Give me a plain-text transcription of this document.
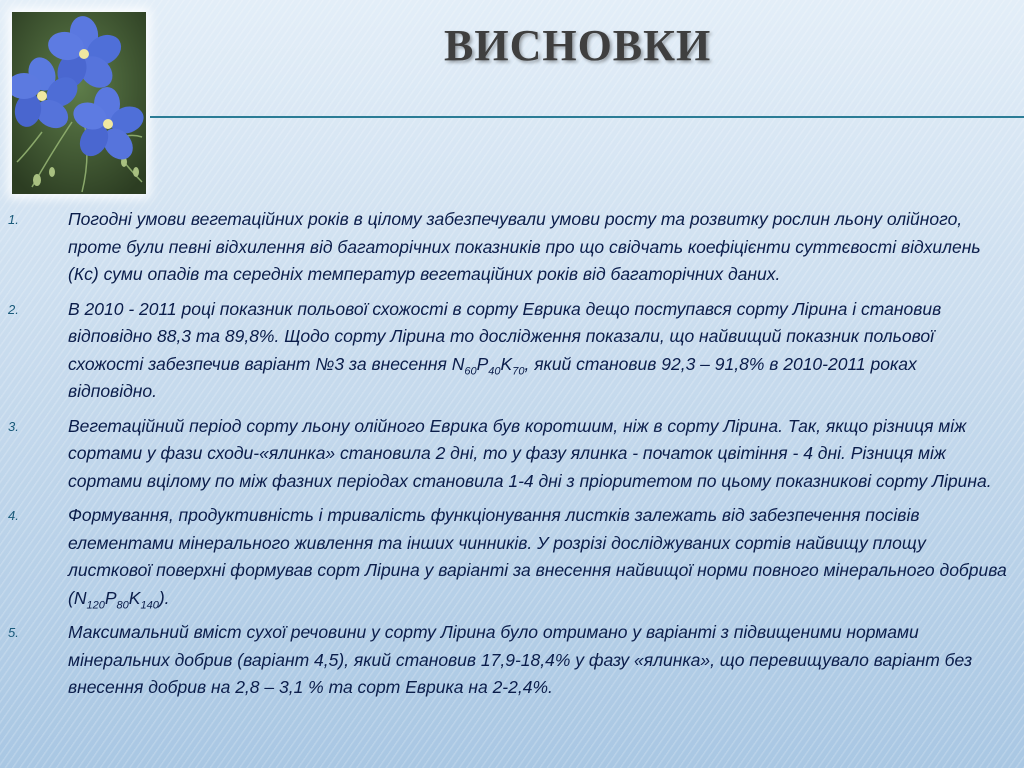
ВИСНОВКИ
1.	Погодні умови вегетаційних років в цілому забезпечували умови росту та розвитку рослин льону олійного, проте були певні відхилення від багаторічних показників про що свідчать коефіцієнти суттєвості відхилень (Кс) суми опадів та середніх температур вегетаційних років від багаторічних даних.
2.	В 2010 - 2011 році показник польової схожості в сорту Еврика дещо поступався сорту Лірина і становив відповідно 88,3 та 89,8%. Щодо сорту Лірина то дослідження показали, що найвищий показник польової схожості забезпечив варіант №3 за внесення $N_{60}P_{40}K_{70}$, який становив 92,3 – 91,8% в 2010-2011 роках відповідно.
3.	Вегетаційний період сорту льону олійного Еврика був коротшим, ніж в сорту Лірина. Так, якщо різниця між сортами у фази сходи-«ялинка» становила 2 дні, то у фазу ялинка - початок цвітіння - 4 дні. Різниця між сортами вцілому по між фазних періодах становила 1-4 дні з пріоритетом по цьому показникові сорту Лірина.
4.	Формування, продуктивність і тривалість функціонування листків залежать від забезпечення посівів елементами мінерального живлення та інших чинників. У розрізі досліджуваних сортів найвищу площу листкової поверхні формував сорт Лірина у варіанті за внесення найвищої норми повного мінерального добрива $(N_{120}P_{80}K_{140})$.
5.	Максимальний вміст сухої речовини у сорту Лірина було отримано у варіанті з підвищеними нормами мінеральних добрив (варіант 4,5), який становив 17,9-18,4% у фазу «ялинка», що перевищувало варіант без внесення добрив на 2,8 – 3,1 % та сорт Еврика на 2-2,4%.
